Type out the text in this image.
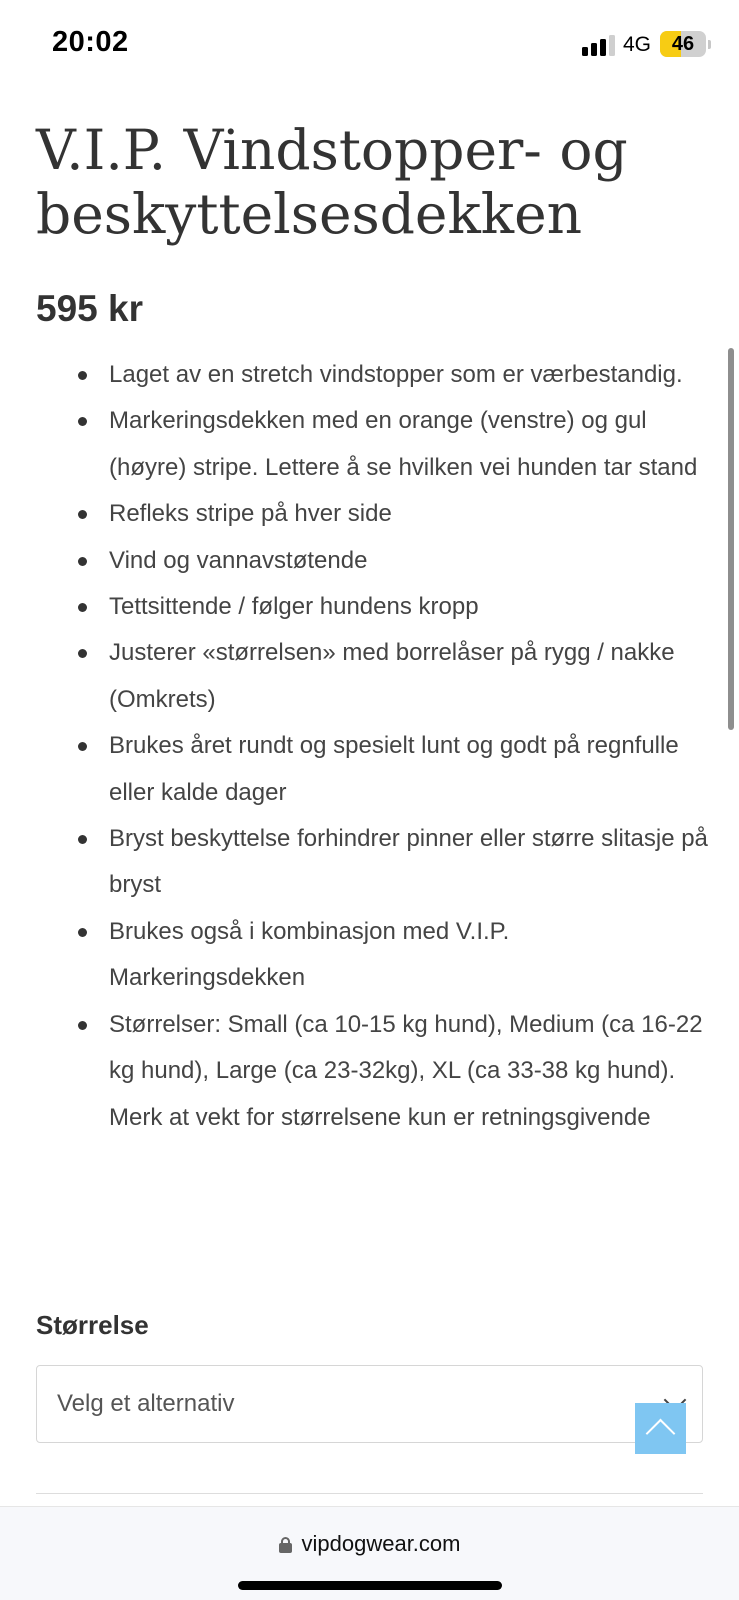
20:02	4G	46
V.I.P. Vindstopper- og beskyttelsesdekken
595 kr
Laget av en stretch vindstopper som er værbestandig.
Markeringsdekken med en orange (venstre) og gul (høyre) stripe. Lettere å se hvilken vei hunden tar stand
Refleks stripe på hver side
Vind og vannavstøtende
Tettsittende / følger hundens kropp
Justerer «størrelsen» med borrelåser på rygg / nakke (Omkrets)
Brukes året rundt og spesielt lunt og godt på regnfulle eller kalde dager
Bryst beskyttelse forhindrer pinner eller større slitasje på bryst
Brukes også i kombinasjon med V.I.P. Markeringsdekken
Størrelser: Small (ca 10-15 kg hund), Medium (ca 16-22 kg hund), Large (ca 23-32kg), XL (ca 33-38 kg hund). Merk at vekt for størrelsene kun er retningsgivende
Størrelse
Velg et alternativ
vipdogwear.com
